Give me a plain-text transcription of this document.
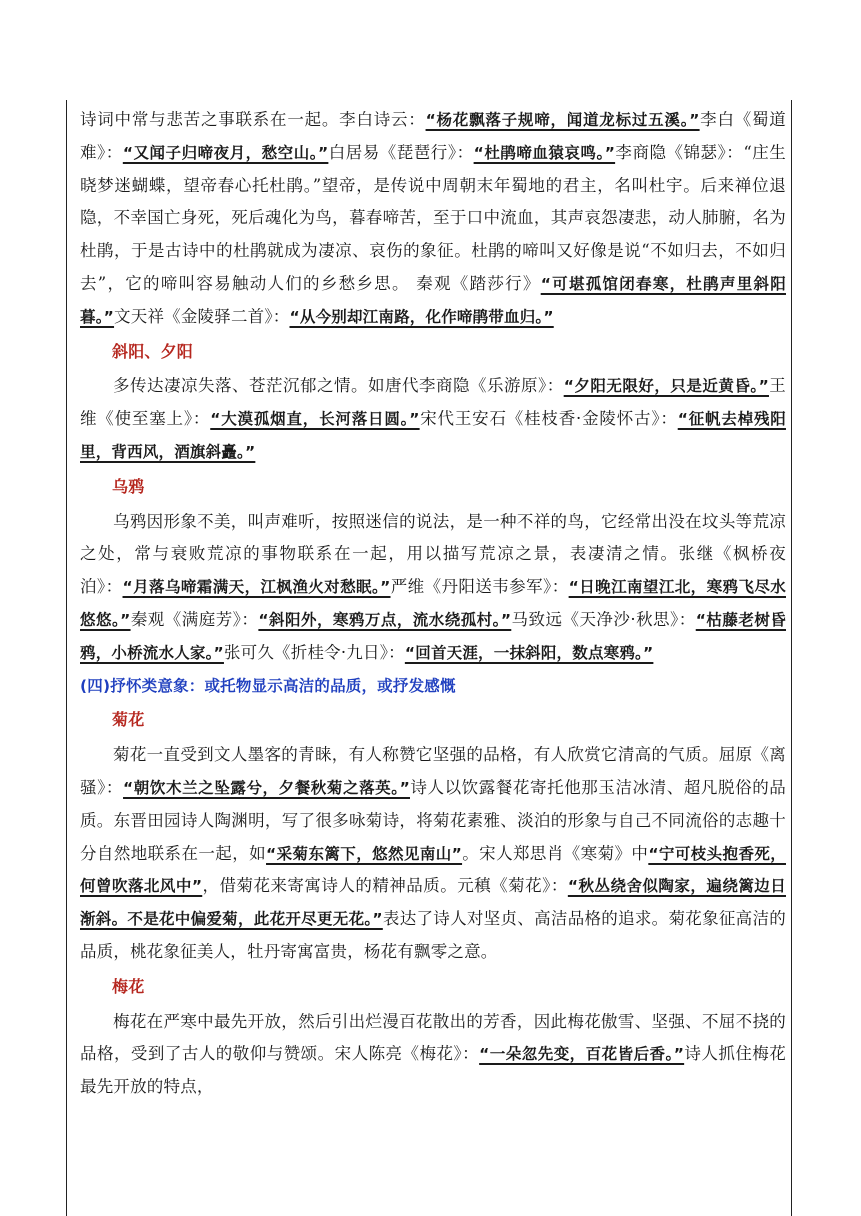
诗词中常与悲苦之事联系在一起。李白诗云：“杨花飘落子规啼，闻道龙标过五溪。”李白《蜀道难》：“又闻子归啼夜月，愁空山。”白居易《琵琶行》：“杜鹃啼血猿哀鸣。”李商隐《锦瑟》：“庄生晓梦迷蝴蝶，望帝春心托杜鹃。”望帝，是传说中周朝末年蜀地的君主，名叫杜宇。后来禅位退隐，不幸国亡身死，死后魂化为鸟，暮春啼苦，至于口中流血，其声哀怨凄悲，动人肺腑，名为杜鹃，于是古诗中的杜鹃就成为凄凉、哀伤的象征。杜鹃的啼叫又好像是说“不如归去，不如归去”，它的啼叫容易触动人们的乡愁乡思。 秦观《踏莎行》“可堪孤馆闭春寒，杜鹃声里斜阳暮。”文天祥《金陵驿二首》：“从今别却江南路，化作啼鹃带血归。”

斜阳、夕阳

多传达凄凉失落、苍茫沉郁之情。如唐代李商隐《乐游原》：“夕阳无限好，只是近黄昏。”王维《使至塞上》：“大漠孤烟直，长河落日圆。”宋代王安石《桂枝香·金陵怀古》：“征帆去棹残阳里，背西风，酒旗斜矗。”

乌鸦

乌鸦因形象不美，叫声难听，按照迷信的说法，是一种不祥的鸟，它经常出没在坟头等荒凉之处，常与衰败荒凉的事物联系在一起，用以描写荒凉之景，表凄清之情。张继《枫桥夜泊》：“月落乌啼霜满天，江枫渔火对愁眠。”严维《丹阳送韦参军》：“日晚江南望江北，寒鸦飞尽水悠悠。”秦观《满庭芳》：“斜阳外，寒鸦万点，流水绕孤村。”马致远《天净沙·秋思》：“枯藤老树昏鸦，小桥流水人家。”张可久《折桂令·九日》：“回首天涯，一抹斜阳，数点寒鸦。”

(四)抒怀类意象：或托物显示高洁的品质，或抒发感慨

菊花

菊花一直受到文人墨客的青睐，有人称赞它坚强的品格，有人欣赏它清高的气质。屈原《离骚》：“朝饮木兰之坠露兮，夕餐秋菊之落英。”诗人以饮露餐花寄托他那玉洁冰清、超凡脱俗的品质。东晋田园诗人陶渊明，写了很多咏菊诗，将菊花素雅、淡泊的形象与自己不同流俗的志趣十分自然地联系在一起，如“采菊东篱下，悠然见南山”。宋人郑思肖《寒菊》中“宁可枝头抱香死，何曾吹落北风中”，借菊花来寄寓诗人的精神品质。元稹《菊花》：“秋丛绕舍似陶家，遍绕篱边日渐斜。不是花中偏爱菊，此花开尽更无花。”表达了诗人对坚贞、高洁品格的追求。菊花象征高洁的品质，桃花象征美人，牡丹寄寓富贵，杨花有飘零之意。

梅花

梅花在严寒中最先开放，然后引出烂漫百花散出的芳香，因此梅花傲雪、坚强、不屈不挠的品格，受到了古人的敬仰与赞颂。宋人陈亮《梅花》：“一朵忽先变，百花皆后香。”诗人抓住梅花最先开放的特点，
